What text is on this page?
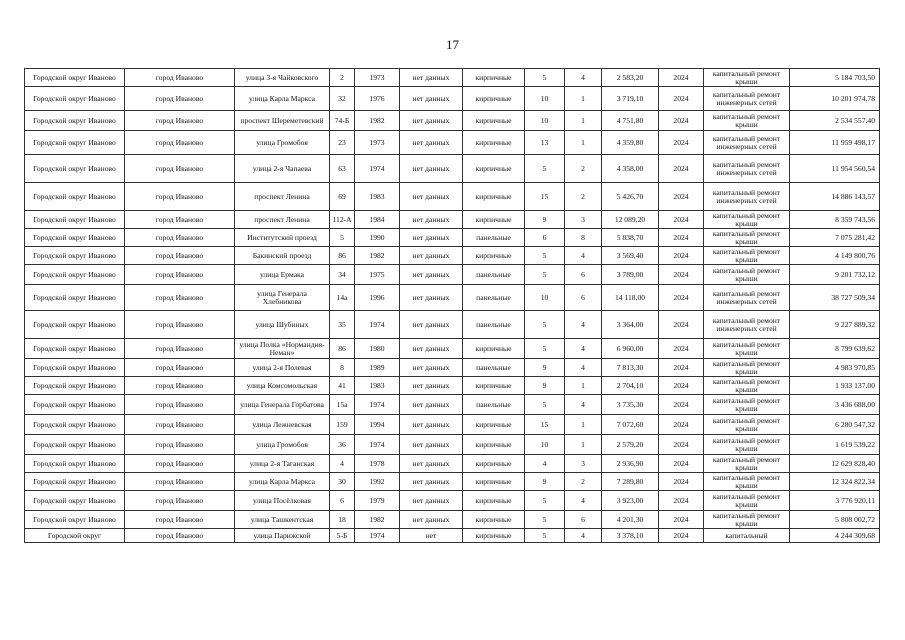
17
Городской округ Иваново	город Иваново	улица 3-я Чайковского	2	1973	нет данных	кирпичные	5	4	2 583,20	2024	капитальный ремонт крыши	5 184 703,50
Городской округ Иваново	город Иваново	улица Карла Маркса	32	1976	нет данных	кирпичные	10	1	3 719,10	2024	капитальный ремонт инженерных сетей	10 201 974,78
Городской округ Иваново	город Иваново	проспект Шереметевский	74-Б	1982	нет данных	кирпичные	10	1	4 751,80	2024	капитальный ремонт крыши	2 534 557,40
Городской округ Иваново	город Иваново	улица Громобоя	23	1973	нет данных	кирпичные	13	1	4 359,80	2024	капитальный ремонт инженерных сетей	11 959 498,17
Городской округ Иваново	город Иваново	улица 2-я Чапаева	63	1974	нет данных	кирпичные	5	2	4 358,00	2024	капитальный ремонт инженерных сетей	11 954 560,54
Городской округ Иваново	город Иваново	проспект Ленина	69	1983	нет данных	кирпичные	15	2	5 426,70	2024	капитальный ремонт инженерных сетей	14 886 143,57
Городской округ Иваново	город Иваново	проспект Ленина	112-А	1984	нет данных	кирпичные	9	3	12 089,20	2024	капитальный ремонт крыши	8 359 743,56
Городской округ Иваново	город Иваново	Институтский проезд	5	1990	нет данных	панельные	6	8	5 838,70	2024	капитальный ремонт крыши	7 075 281,42
Городской округ Иваново	город Иваново	Бакинский проезд	86	1982	нет данных	кирпичные	5	4	3 569,40	2024	капитальный ремонт крыши	4 149 800,76
Городской округ Иваново	город Иваново	улица Ермака	34	1975	нет данных	панельные	5	6	3 789,00	2024	капитальный ремонт крыши	9 201 732,12
Городской округ Иваново	город Иваново	улица Генерала Хлебникова	14а	1996	нет данных	панельные	10	6	14 118,00	2024	капитальный ремонт инженерных сетей	38 727 509,34
Городской округ Иваново	город Иваново	улица Шубиных	35	1974	нет данных	панельные	5	4	3 364,00	2024	капитальный ремонт инженерных сетей	9 227 889,32
Городской округ Иваново	город Иваново	улица Полка «Нормандия-Неман»	86	1980	нет данных	кирпичные	5	4	6 960,00	2024	капитальный ремонт крыши	8 799 639,62
Городской округ Иваново	город Иваново	улица 2-я Полевая	8	1989	нет данных	панельные	9	4	7 813,30	2024	капитальный ремонт крыши	4 983 970,85
Городской округ Иваново	город Иваново	улица Комсомольская	41	1983	нет данных	кирпичные	9	1	2 704,10	2024	капитальный ремонт крыши	1 933 137,00
Городской округ Иваново	город Иваново	улица Генерала Горбатова	15а	1974	нет данных	панельные	5	4	3 735,30	2024	капитальный ремонт крыши	3 436 688,00
Городской округ Иваново	город Иваново	улица Лежневская	159	1994	нет данных	кирпичные	15	1	7 072,60	2024	капитальный ремонт крыши	6 280 547,32
Городской округ Иваново	город Иваново	улица Громобоя	36	1974	нет данных	кирпичные	10	1	2 579,20	2024	капитальный ремонт крыши	1 619 539,22
Городской округ Иваново	город Иваново	улица 2-я Таганская	4	1978	нет данных	кирпичные	4	3	2 936,90	2024	капитальный ремонт крыши	12 629 828,40
Городской округ Иваново	город Иваново	улица Карла Маркса	30	1992	нет данных	кирпичные	9	2	7 289,80	2024	капитальный ремонт крыши	12 324 822,34
Городской округ Иваново	город Иваново	улица Посёлковая	6	1979	нет данных	кирпичные	5	4	3 923,00	2024	капитальный ремонт крыши	3 776 920,11
Городской округ Иваново	город Иваново	улица Ташкентская	18	1982	нет данных	кирпичные	5	6	4 201,30	2024	капитальный ремонт крыши	5 808 002,72
Городской округ	город Иваново	улица Парижской	5-Б	1974	нет	кирпичные	5	4	3 378,10	2024	капитальный	4 244 309,68
